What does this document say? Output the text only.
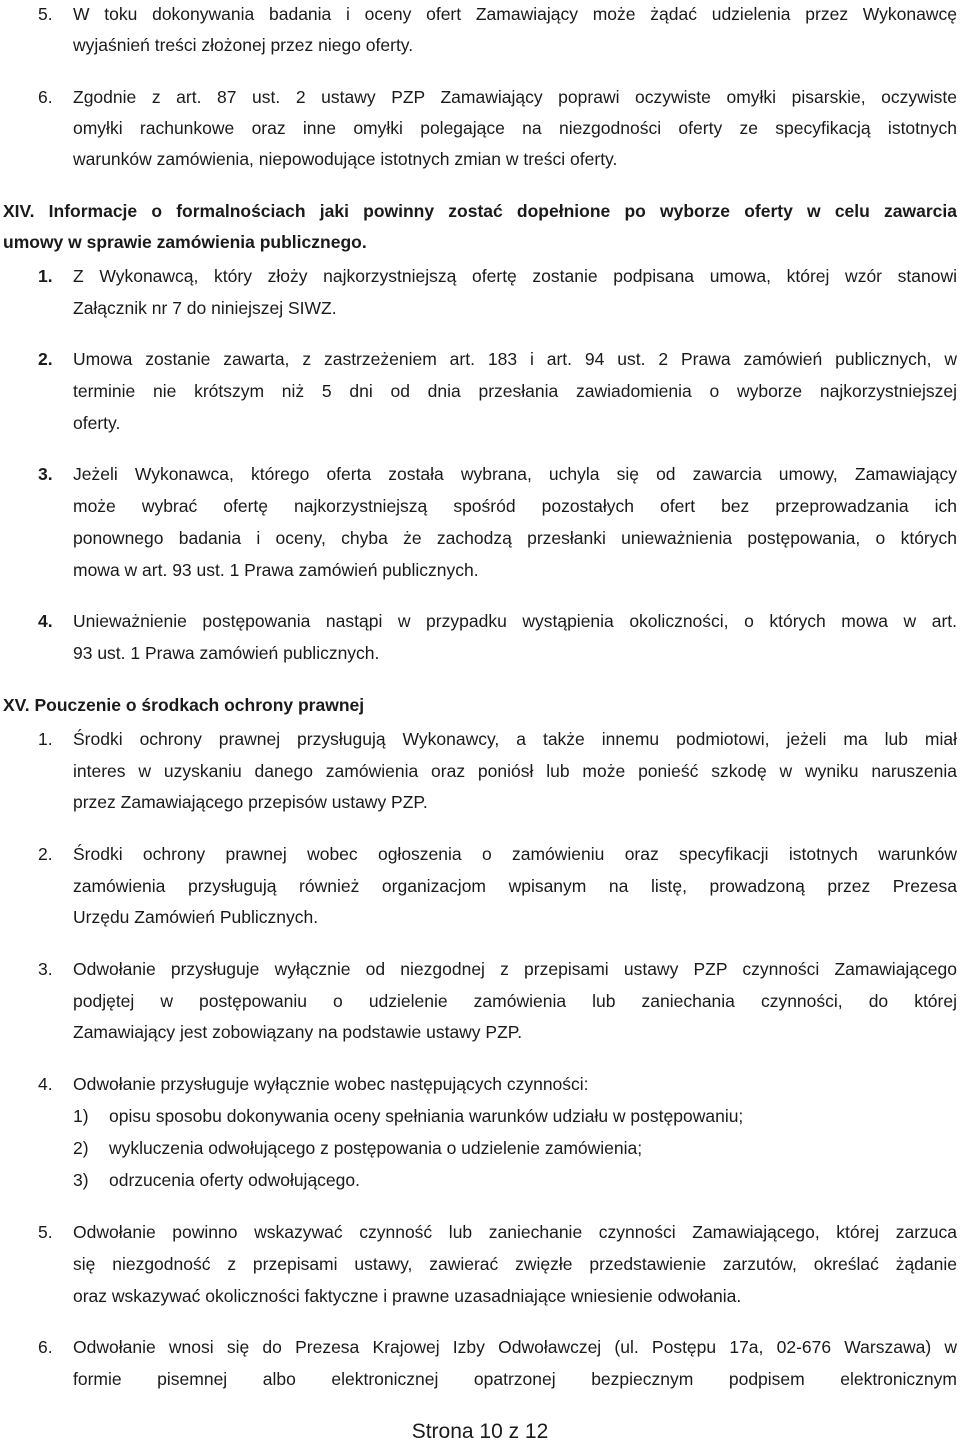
5. W toku dokonywania badania i oceny ofert Zamawiający może żądać udzielenia przez Wykonawcę
wyjaśnień treści złożonej przez niego oferty.
6. Zgodnie z art. 87 ust. 2 ustawy PZP Zamawiający poprawi oczywiste omyłki pisarskie, oczywiste
omyłki rachunkowe oraz inne omyłki polegające na niezgodności oferty ze specyfikacją istotnych
warunków zamówienia, niepowodujące istotnych zmian w treści oferty.
XIV. Informacje o formalnościach jaki powinny zostać dopełnione po wyborze oferty w celu zawarcia
umowy w sprawie zamówienia publicznego.
1. Z Wykonawcą, który złoży najkorzystniejszą ofertę zostanie podpisana umowa, której wzór stanowi
Załącznik nr 7 do niniejszej SIWZ.
2. Umowa zostanie zawarta, z zastrzeżeniem art. 183 i art. 94 ust. 2 Prawa zamówień publicznych, w
terminie nie krótszym niż 5 dni od dnia przesłania zawiadomienia o wyborze najkorzystniejszej
oferty.
3. Jeżeli Wykonawca, którego oferta została wybrana, uchyla się od zawarcia umowy, Zamawiający
może wybrać ofertę najkorzystniejszą spośród pozostałych ofert bez przeprowadzania ich
ponownego badania i oceny, chyba że zachodzą przesłanki unieważnienia postępowania, o których
mowa w art. 93 ust. 1 Prawa zamówień publicznych.
4. Unieważnienie postępowania nastąpi w przypadku wystąpienia okoliczności, o których mowa w art.
93 ust. 1 Prawa zamówień publicznych.
XV. Pouczenie o środkach ochrony prawnej
1. Środki ochrony prawnej przysługują Wykonawcy, a także innemu podmiotowi, jeżeli ma lub miał
interes w uzyskaniu danego zamówienia oraz poniósł lub może ponieść szkodę w wyniku naruszenia
przez Zamawiającego przepisów ustawy PZP.
2. Środki ochrony prawnej wobec ogłoszenia o zamówieniu oraz specyfikacji istotnych warunków
zamówienia przysługują również organizacjom wpisanym na listę, prowadzoną przez Prezesa
Urzędu Zamówień Publicznych.
3. Odwołanie przysługuje wyłącznie od niezgodnej z przepisami ustawy PZP czynności Zamawiającego
podjętej w postępowaniu o udzielenie zamówienia lub zaniechania czynności, do której
Zamawiający jest zobowiązany na podstawie ustawy PZP.
4. Odwołanie przysługuje wyłącznie wobec następujących czynności:
1) opisu sposobu dokonywania oceny spełniania warunków udziału w postępowaniu;
2) wykluczenia odwołującego z postępowania o udzielenie zamówienia;
3) odrzucenia oferty odwołującego.
5. Odwołanie powinno wskazywać czynność lub zaniechanie czynności Zamawiającego, której zarzuca
się niezgodność z przepisami ustawy, zawierać zwięzłe przedstawienie zarzutów, określać żądanie
oraz wskazywać okoliczności faktyczne i prawne uzasadniające wniesienie odwołania.
6. Odwołanie wnosi się do Prezesa Krajowej Izby Odwoławczej (ul. Postępu 17a, 02-676 Warszawa) w
formie pisemnej albo elektronicznej opatrzonej bezpiecznym podpisem elektronicznym
Strona 10 z 12
